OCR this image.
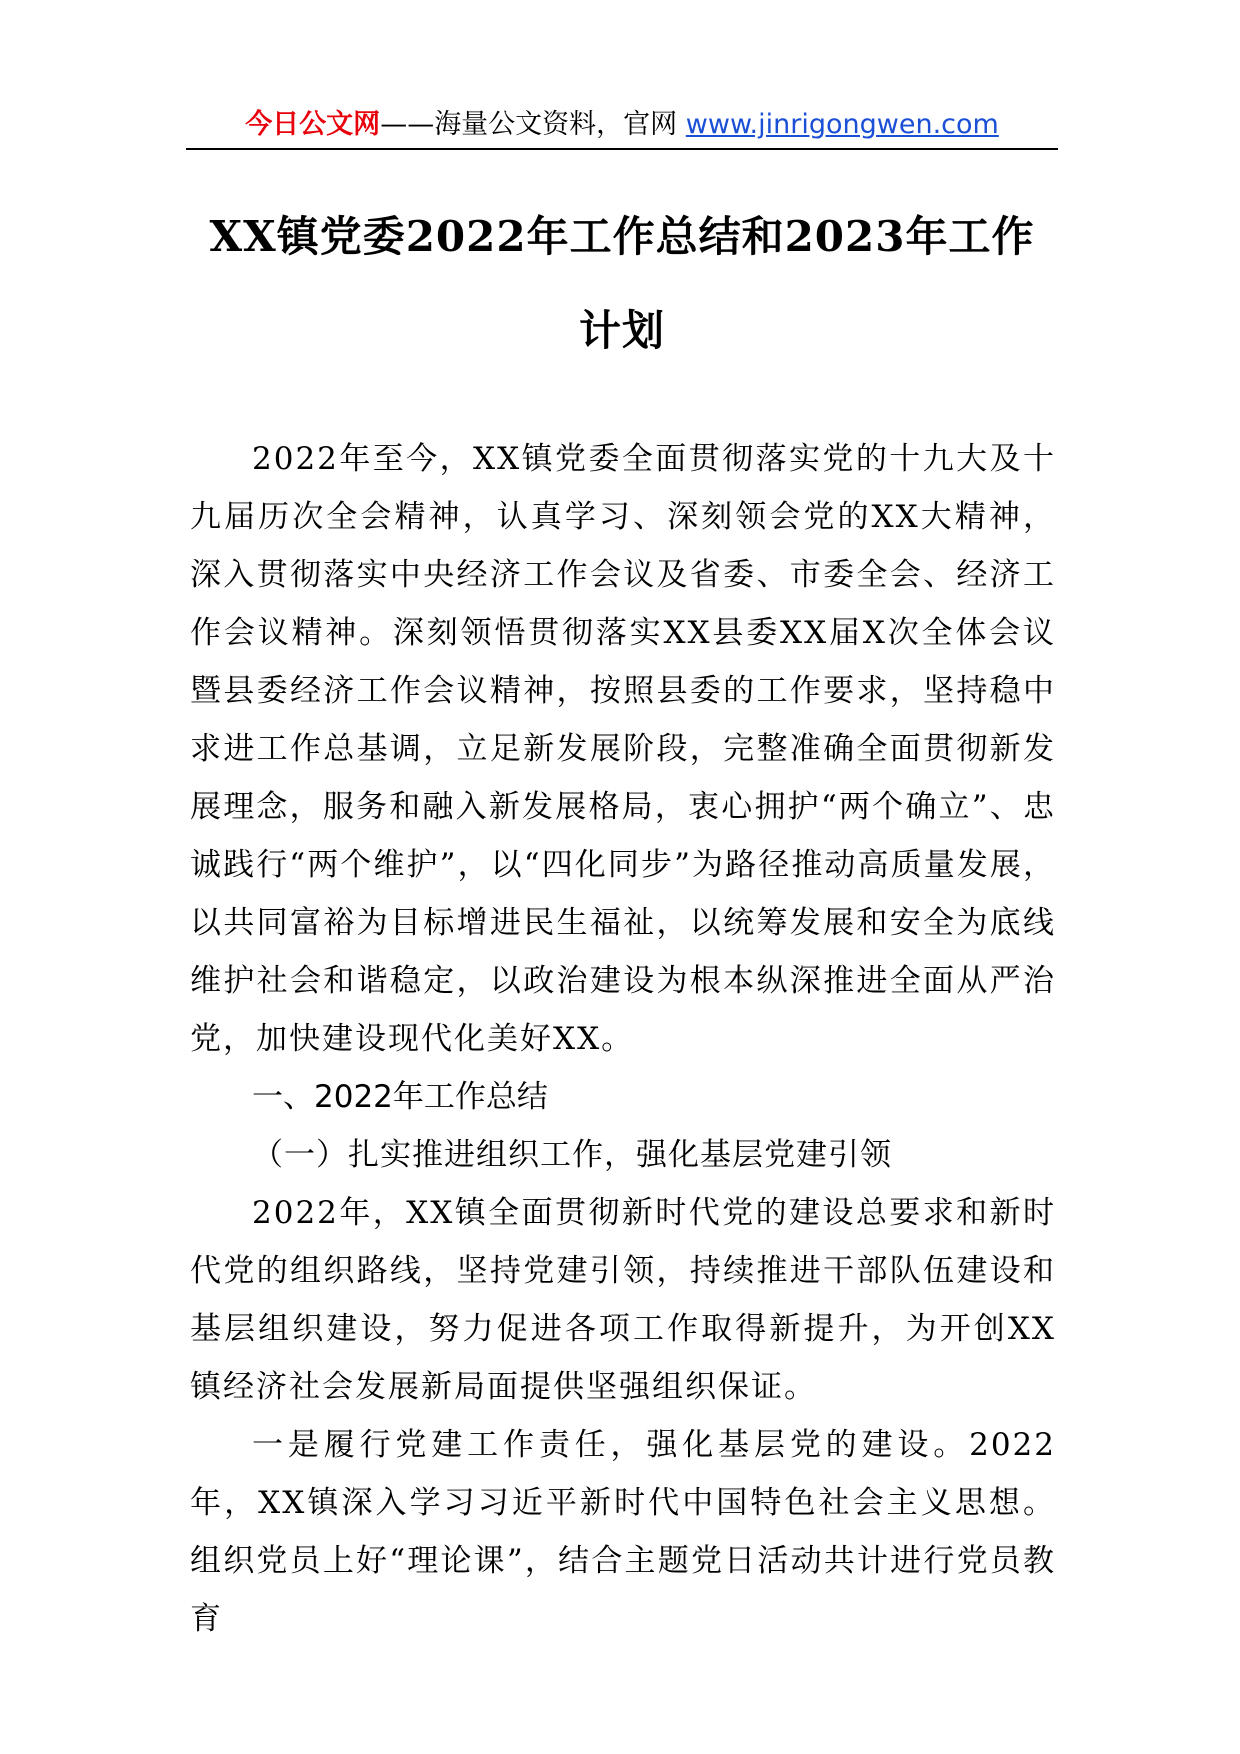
今日公文网——海量公文资料，官网 www.jinrigongwen.com
XX镇党委2022年工作总结和2023年工作
计划

2022年至今，XX镇党委全面贯彻落实党的十九大及十九届历次全会精神，认真学习、深刻领会党的XX大精神，深入贯彻落实中央经济工作会议及省委、市委全会、经济工作会议精神。深刻领悟贯彻落实XX县委XX届X次全体会议暨县委经济工作会议精神，按照县委的工作要求，坚持稳中求进工作总基调，立足新发展阶段，完整准确全面贯彻新发展理念，服务和融入新发展格局，衷心拥护“两个确立”、忠诚践行“两个维护”，以“四化同步”为路径推动高质量发展，以共同富裕为目标增进民生福祉，以统筹发展和安全为底线维护社会和谐稳定，以政治建设为根本纵深推进全面从严治党，加快建设现代化美好XX。

一、2022年工作总结

（一）扎实推进组织工作，强化基层党建引领

2022年，XX镇全面贯彻新时代党的建设总要求和新时代党的组织路线，坚持党建引领，持续推进干部队伍建设和基层组织建设，努力促进各项工作取得新提升，为开创XX镇经济社会发展新局面提供坚强组织保证。

一是履行党建工作责任，强化基层党的建设。2022年，XX镇深入学习习近平新时代中国特色社会主义思想。组织党员上好“理论课”，结合主题党日活动共计进行党员教育
